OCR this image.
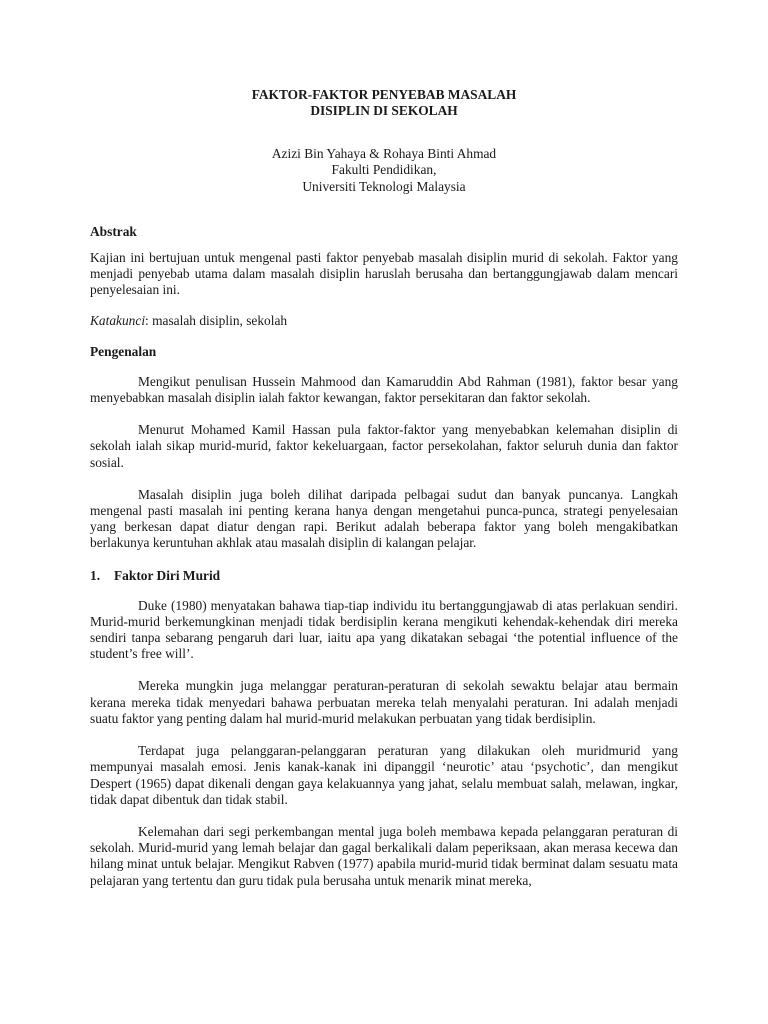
FAKTOR-FAKTOR PENYEBAB MASALAH
DISIPLIN DI SEKOLAH
Azizi Bin Yahaya & Rohaya Binti Ahmad
Fakulti Pendidikan,
Universiti Teknologi Malaysia
Abstrak

Kajian ini bertujuan untuk mengenal pasti faktor penyebab masalah disiplin murid di sekolah. Faktor yang menjadi penyebab utama dalam masalah disiplin haruslah berusaha dan bertanggungjawab dalam mencari penyelesaian ini.

Katakunci: masalah disiplin, sekolah

Pengenalan

Mengikut penulisan Hussein Mahmood dan Kamaruddin Abd Rahman (1981), faktor besar yang menyebabkan masalah disiplin ialah faktor kewangan, faktor persekitaran dan faktor sekolah.

Menurut Mohamed Kamil Hassan pula faktor-faktor yang menyebabkan kelemahan disiplin di sekolah ialah sikap murid-murid, faktor kekeluargaan, factor persekolahan, faktor seluruh dunia dan faktor sosial.

Masalah disiplin juga boleh dilihat daripada pelbagai sudut dan banyak puncanya. Langkah mengenal pasti masalah ini penting kerana hanya dengan mengetahui punca-punca, strategi penyelesaian yang berkesan dapat diatur dengan rapi. Berikut adalah beberapa faktor yang boleh mengakibatkan berlakunya keruntuhan akhlak atau masalah disiplin di kalangan pelajar.

1. Faktor Diri Murid

Duke (1980) menyatakan bahawa tiap-tiap individu itu bertanggungjawab di atas perlakuan sendiri. Murid-murid berkemungkinan menjadi tidak berdisiplin kerana mengikuti kehendak-kehendak diri mereka sendiri tanpa sebarang pengaruh dari luar, iaitu apa yang dikatakan sebagai ‘the potential influence of the student’s free will’.

Mereka mungkin juga melanggar peraturan-peraturan di sekolah sewaktu belajar atau bermain kerana mereka tidak menyedari bahawa perbuatan mereka telah menyalahi peraturan. Ini adalah menjadi suatu faktor yang penting dalam hal murid-murid melakukan perbuatan yang tidak berdisiplin.

Terdapat juga pelanggaran-pelanggaran peraturan yang dilakukan oleh muridmurid yang mempunyai masalah emosi. Jenis kanak-kanak ini dipanggil ‘neurotic’ atau ‘psychotic’, dan mengikut Despert (1965) dapat dikenali dengan gaya kelakuannya yang jahat, selalu membuat salah, melawan, ingkar, tidak dapat dibentuk dan tidak stabil.

Kelemahan dari segi perkembangan mental juga boleh membawa kepada pelanggaran peraturan di sekolah. Murid-murid yang lemah belajar dan gagal berkalikali dalam peperiksaan, akan merasa kecewa dan hilang minat untuk belajar. Mengikut Rabven (1977) apabila murid-murid tidak berminat dalam sesuatu mata pelajaran yang tertentu dan guru tidak pula berusaha untuk menarik minat mereka,
